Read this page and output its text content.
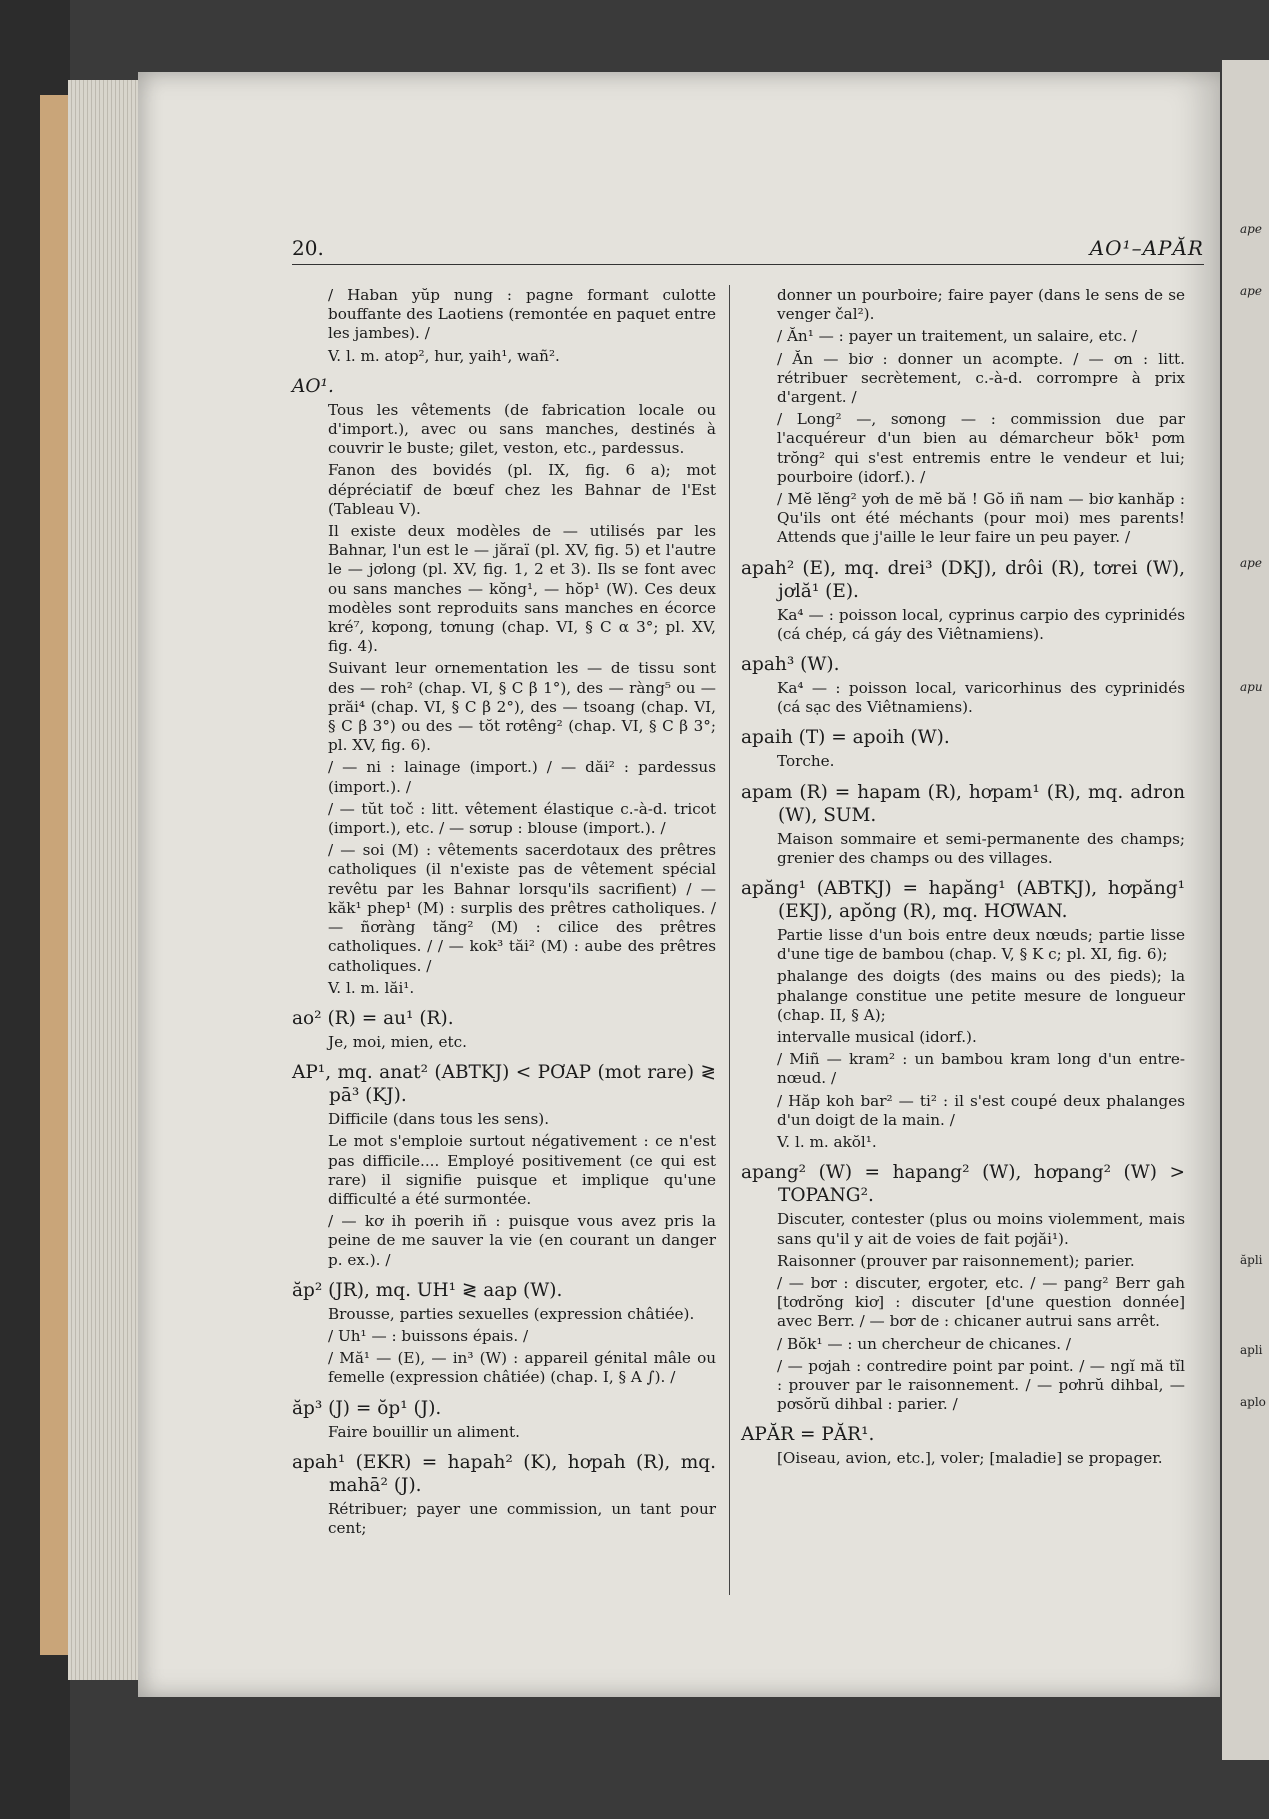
ape
ape
ape
apu
ăpli
apli
aplo
20.	AO¹–APĂR

/ Haban yŭp nung : pagne formant culotte bouffante des Laotiens (remontée en paquet entre les jambes). /

V. l. m. atop², hur, yaih¹, wañ².

AO¹.

Tous les vêtements (de fabrication locale ou d'import.), avec ou sans manches, destinés à couvrir le buste; gilet, veston, etc., pardessus.

Fanon des bovidés (pl. IX, fig. 6 a); mot dépréciatif de bœuf chez les Bahnar de l'Est (Tableau V).

Il existe deux modèles de — utilisés par les Bahnar, l'un est le — jăraï (pl. XV, fig. 5) et l'autre le — jơlong (pl. XV, fig. 1, 2 et 3). Ils se font avec ou sans manches — kŏng¹, — hŏp¹ (W). Ces deux modèles sont reproduits sans manches en écorce kré⁷, kơpong, tơnung (chap. VI, § C α 3°; pl. XV, fig. 4).

Suivant leur ornementation les — de tissu sont des — roh² (chap. VI, § C β 1°), des — ràng⁵ ou — prăi⁴ (chap. VI, § C β 2°), des — tsoang (chap. VI, § C β 3°) ou des — tŏt rơtêng² (chap. VI, § C β 3°; pl. XV, fig. 6).

/ — ni : lainage (import.) / — dăi² : pardessus (import.). /

/ — tŭt toč : litt. vêtement élastique c.-à-d. tricot (import.), etc. / — sơrup : blouse (import.). /

/ — soi (M) : vêtements sacerdotaux des prêtres catholiques (il n'existe pas de vêtement spécial revêtu par les Bahnar lorsqu'ils sacrifient) / — kăk¹ phep¹ (M) : surplis des prêtres catholiques. / — ñơràng tăng² (M) : cilice des prêtres catholiques. / / — kok³ tăi² (M) : aube des prêtres catholiques. /

V. l. m. lăi¹.

ao² (R) = au¹ (R).

Je, moi, mien, etc.

AP¹, mq. anat² (ABTKJ) < PƠAP (mot rare) ≷ pā³ (KJ).

Difficile (dans tous les sens).

Le mot s'emploie surtout négativement : ce n'est pas difficile.... Employé positivement (ce qui est rare) il signifie puisque et implique qu'une difficulté a été surmontée.

/ — kơ ih pơerih iñ : puisque vous avez pris la peine de me sauver la vie (en courant un danger p. ex.). /

ăp² (JR), mq. UH¹ ≷ aap (W).

Brousse, parties sexuelles (expression châtiée).

/ Uh¹ — : buissons épais. /

/ Mă¹ — (E), — in³ (W) : appareil génital mâle ou femelle (expression châtiée) (chap. I, § A ∫). /

ăp³ (J) = ŏp¹ (J).

Faire bouillir un aliment.

apah¹ (EKR) = hapah² (K), hơpah (R), mq. mahā² (J).

Rétribuer; payer une commission, un tant pour cent;

donner un pourboire; faire payer (dans le sens de se venger čal²).

/ Ăn¹ — : payer un traitement, un salaire, etc. /

/ Ăn — biơ : donner un acompte. / — ơn : litt. rétribuer secrètement, c.-à-d. corrompre à prix d'argent. /

/ Long² —, sơnong — : commission due par l'acquéreur d'un bien au démarcheur bŏk¹ pơm trŏng² qui s'est entremis entre le vendeur et lui; pourboire (idorf.). /

/ Mĕ lĕng² yơh de mĕ bă ! Gŏ iñ nam — biơ kanhăp : Qu'ils ont été méchants (pour moi) mes parents! Attends que j'aille le leur faire un peu payer. /

apah² (E), mq. drei³ (DKJ), drôi (R), tơrei (W), jơlă¹ (E).

Ka⁴ — : poisson local, cyprinus carpio des cyprinidés (cá chép, cá gáy des Viêtnamiens).

apah³ (W).

Ka⁴ — : poisson local, varicorhinus des cyprinidés (cá sạc des Viêtnamiens).

apaih (T) = apoih (W).

Torche.

apam (R) = hapam (R), hơpam¹ (R), mq. adron (W), SUM.

Maison sommaire et semi-permanente des champs; grenier des champs ou des villages.

apăng¹ (ABTKJ) = hapăng¹ (ABTKJ), hơpăng¹ (EKJ), apŏng (R), mq. HƠWAN.

Partie lisse d'un bois entre deux nœuds; partie lisse d'une tige de bambou (chap. V, § K c; pl. XI, fig. 6);

phalange des doigts (des mains ou des pieds); la phalange constitue une petite mesure de longueur (chap. II, § A);

intervalle musical (idorf.).

/ Miñ — kram² : un bambou kram long d'un entre-nœud. /

/ Hăp koh bar² — ti² : il s'est coupé deux phalanges d'un doigt de la main. /

V. l. m. akŏl¹.

apang² (W) = hapang² (W), hơpang² (W) > TOPANG².

Discuter, contester (plus ou moins violemment, mais sans qu'il y ait de voies de fait pơjăi¹).

Raisonner (prouver par raisonnement); parier.

/ — bơr : discuter, ergoter, etc. / — pang² Berr gah [tơdrŏng kiơ] : discuter [d'une question donnée] avec Berr. / — bơr de : chicaner autrui sans arrêt.

/ Bŏk¹ — : un chercheur de chicanes. /

/ — pơjah : contredire point par point. / — ngĭ mă tĭl : prouver par le raisonnement. / — pơhrŭ dihbal, — pơsŏrŭ dihbal : parier. /

APĂR = PĂR¹.

[Oiseau, avion, etc.], voler; [maladie] se propager.
